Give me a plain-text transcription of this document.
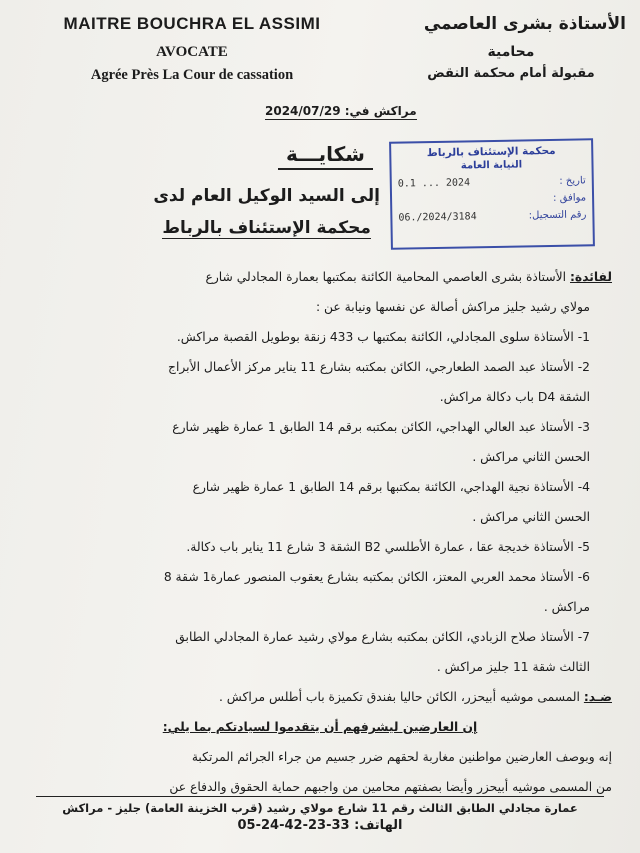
MAITRE BOUCHRA EL ASSIMI
AVOCATE
Agrée Près La Cour de cassation
الأستاذة بشرى العاصمي
محامية
مقبولة أمام محكمة النقض
مراكش في: 2024/07/29
محكمة الإستئناف بالرباط
النيابة العامة
تاريخ :
2024 ... 0.1
موافق :
رقم التسجيل:
2024/3184/.06
شكايـــة
إلى السيد الوكيل العام لدى
محكمة الإستئناف بالرباط

لفائدة: الأستاذة بشرى العاصمي المحامية الكائنة بمكتبها بعمارة المجادلي شارع

مولاي رشيد جليز مراكش أصالة عن نفسها ونيابة عن :

1- الأستاذة سلوى المجادلي، الكائنة بمكتبها ب 433 زنقة بوطويل القصبة مراكش.

2- الأستاذ عبد الصمد الطعارجي، الكائن بمكتبه بشارع 11 يناير مركز الأعمال الأبراج

الشقة D4 باب دكالة مراكش.

3- الأستاذ عبد العالي الهداجي، الكائن بمكتبه برقم 14 الطابق 1 عمارة ظهير شارع

الحسن الثاني مراكش .

4- الأستاذة نجية الهداجي، الكائنة بمكتبها برقم 14 الطابق 1 عمارة ظهير شارع

الحسن الثاني مراكش .

5- الأستاذة خديجة عقا ، عمارة الأطلسي B2 الشقة 3 شارع 11 يناير باب دكالة.

6- الأستاذ محمد العربي المعتز، الكائن بمكتبه بشارع يعقوب المنصور عمارة1 شقة 8

مراكش .

7- الأستاذ صلاح الزبادي، الكائن بمكتبه بشارع مولاي رشيد عمارة المجادلي الطابق

الثالث شقة 11 جليز مراكش .

ضـد: المسمى موشيه أبيحزر، الكائن حاليا بفندق تكميزة باب أطلس مراكش .

إن العارضين ليشرفهم أن يتقدموا لسيادتكم بما يلي:

إنه وبوصف العارضين مواطنين مغاربة لحقهم ضرر جسيم من جراء الجرائم المرتكبة

من المسمى موشيه أبيحزر وأيضا بصفتهم محامين من واجبهم حماية الحقوق والدفاع عن

عمارة مجادلي الطابق الثالث رقم 11 شارع مولاي رشيد (قرب الخزينة العامة) جليز - مراكش
الهاتف: 33-23-42-24-05
